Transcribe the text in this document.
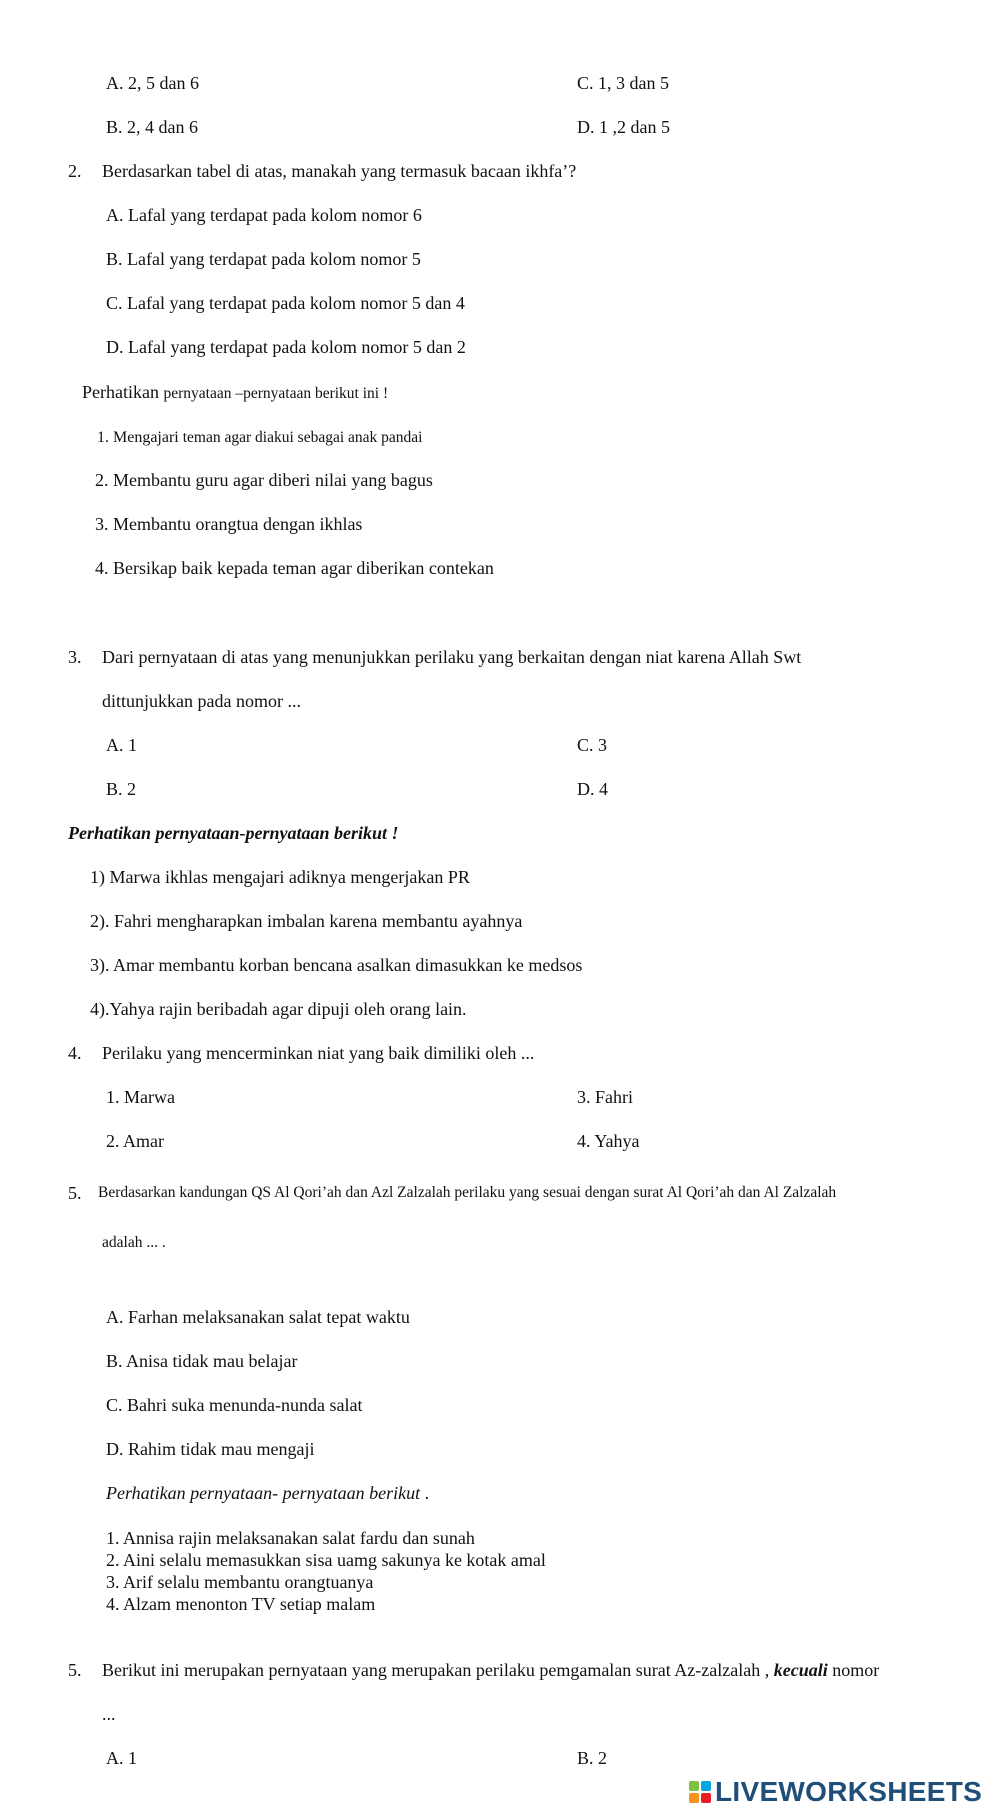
A. 2, 5 dan 6	C. 1, 3 dan 5
B. 2, 4 dan 6	D. 1 ,2 dan 5
2. Berdasarkan tabel di atas, manakah yang termasuk bacaan ikhfa’?
A. Lafal yang terdapat pada kolom nomor 6
B. Lafal yang terdapat pada kolom nomor 5
C. Lafal yang terdapat pada kolom nomor 5 dan 4
D. Lafal yang terdapat pada kolom nomor 5 dan 2
Perhatikan pernyataan –pernyataan berikut ini !
1. Mengajari teman agar diakui sebagai anak pandai
2. Membantu guru agar diberi nilai yang bagus
3. Membantu orangtua dengan ikhlas
4. Bersikap baik kepada teman agar diberikan contekan
3. Dari pernyataan di atas yang menunjukkan perilaku yang berkaitan dengan niat karena Allah Swt
dittunjukkan pada nomor ...
A. 1	C. 3
B. 2	D. 4
Perhatikan pernyataan-pernyataan berikut !
1) Marwa ikhlas mengajari adiknya mengerjakan PR
2). Fahri mengharapkan imbalan karena membantu ayahnya
3). Amar membantu korban bencana asalkan dimasukkan ke medsos
4).Yahya rajin beribadah agar dipuji oleh orang lain.
4. Perilaku yang mencerminkan niat yang baik dimiliki oleh ...
1. Marwa	3. Fahri
2. Amar	4. Yahya
5. Berdasarkan kandungan QS Al Qori’ah dan Azl Zalzalah perilaku yang sesuai dengan surat Al Qori’ah dan Al Zalzalah
adalah ... .
A. Farhan melaksanakan salat tepat waktu
B. Anisa tidak mau belajar
C. Bahri suka menunda-nunda salat
D. Rahim tidak mau mengaji
Perhatikan pernyataan- pernyataan berikut .
1. Annisa rajin melaksanakan salat fardu dan sunah
2. Aini selalu memasukkan sisa uamg sakunya ke kotak amal
3. Arif selalu membantu orangtuanya
4. Alzam menonton TV setiap malam
5. Berikut ini merupakan pernyataan yang merupakan perilaku pemgamalan surat Az-zalzalah , kecuali nomor
...
A. 1	B. 2
LIVEWORKSHEETS
